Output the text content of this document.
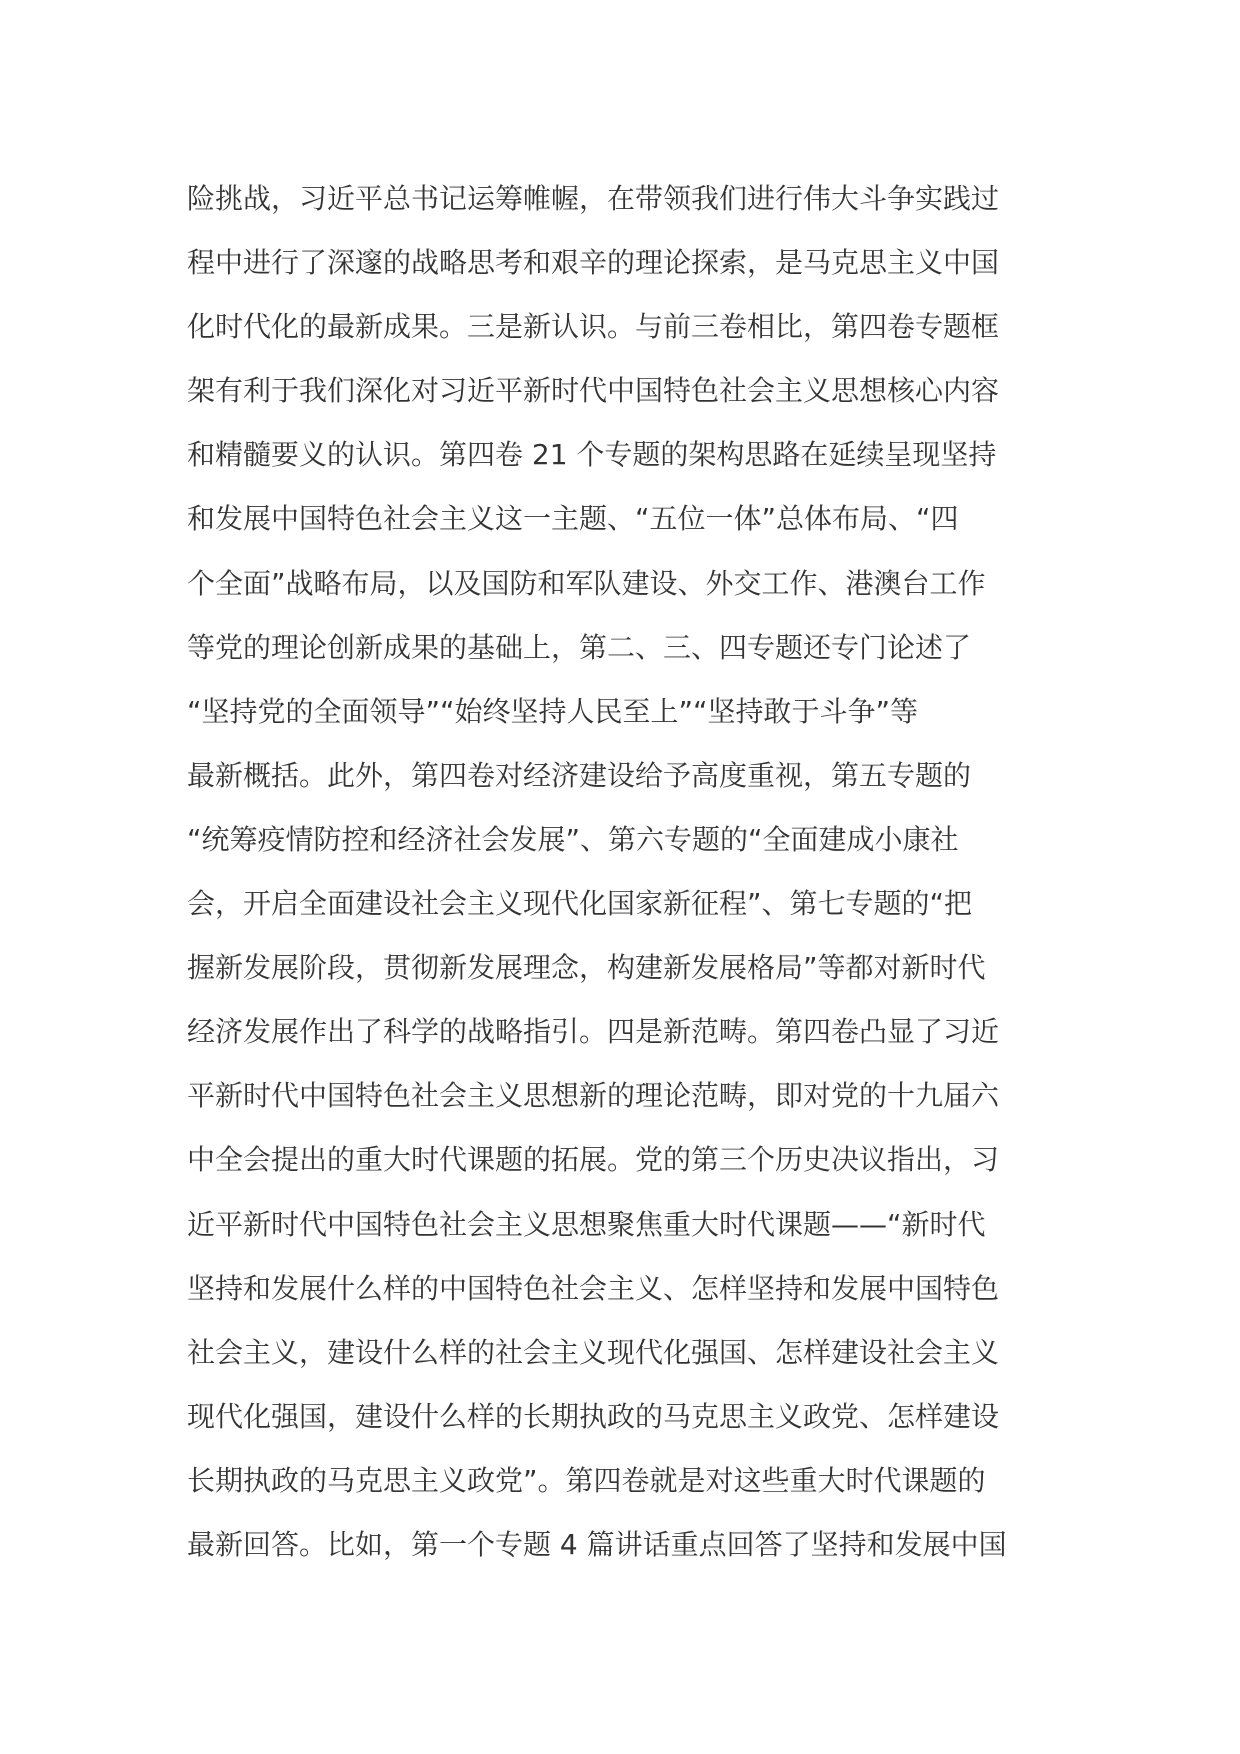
险挑战，习近平总书记运筹帷幄，在带领我们进行伟大斗争实践过
程中进行了深邃的战略思考和艰辛的理论探索，是马克思主义中国
化时代化的最新成果。三是新认识。与前三卷相比，第四卷专题框
架有利于我们深化对习近平新时代中国特色社会主义思想核心内容
和精髓要义的认识。第四卷 21 个专题的架构思路在延续呈现坚持
和发展中国特色社会主义这一主题、“五位一体”总体布局、“四
个全面”战略布局，以及国防和军队建设、外交工作、港澳台工作
等党的理论创新成果的基础上，第二、三、四专题还专门论述了
“坚持党的全面领导”“始终坚持人民至上”“坚持敢于斗争”等
最新概括。此外，第四卷对经济建设给予高度重视，第五专题的
“统筹疫情防控和经济社会发展”、第六专题的“全面建成小康社
会，开启全面建设社会主义现代化国家新征程”、第七专题的“把
握新发展阶段，贯彻新发展理念，构建新发展格局”等都对新时代
经济发展作出了科学的战略指引。四是新范畴。第四卷凸显了习近
平新时代中国特色社会主义思想新的理论范畴，即对党的十九届六
中全会提出的重大时代课题的拓展。党的第三个历史决议指出，习
近平新时代中国特色社会主义思想聚焦重大时代课题——“新时代
坚持和发展什么样的中国特色社会主义、怎样坚持和发展中国特色
社会主义，建设什么样的社会主义现代化强国、怎样建设社会主义
现代化强国，建设什么样的长期执政的马克思主义政党、怎样建设
长期执政的马克思主义政党”。第四卷就是对这些重大时代课题的
最新回答。比如，第一个专题 4 篇讲话重点回答了坚持和发展中国
